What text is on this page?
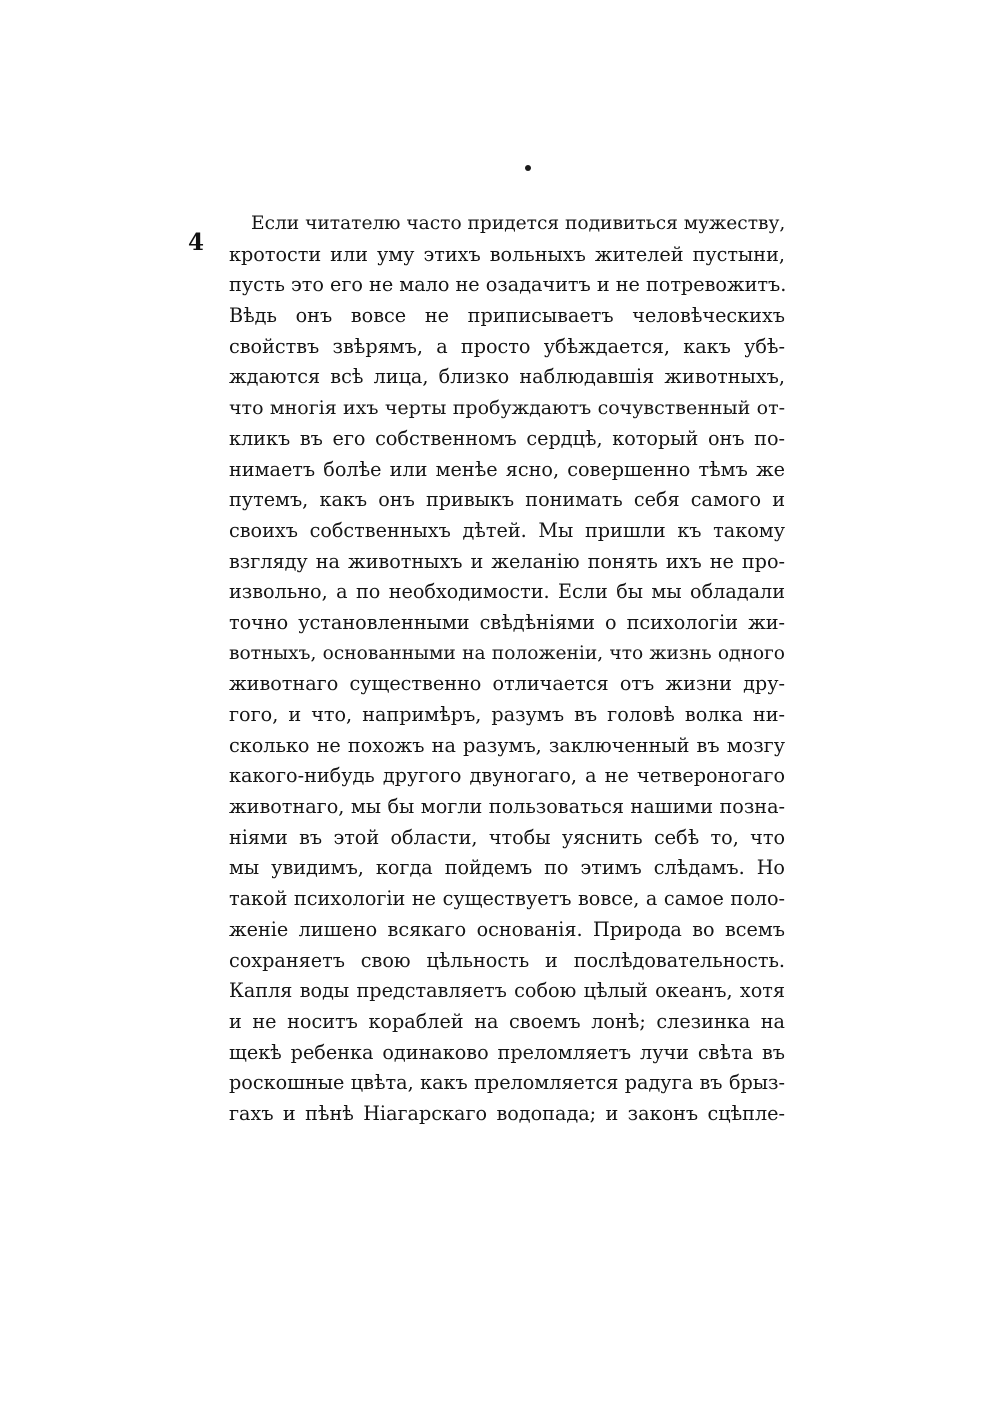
4
Если читателю часто придется подивиться мужеству,
кротости или уму этихъ вольныхъ жителей пустыни,
пусть это его не мало не озадачитъ и не потревожитъ.
Вѣдь онъ вовсе не приписываетъ человѣческихъ
свойствъ звѣрямъ, а просто убѣждается, какъ убѣ-
ждаются всѣ лица, близко наблюдавшія животныхъ,
что многія ихъ черты пробуждаютъ сочувственный от-
кликъ въ его собственномъ сердцѣ, который онъ по-
нимаетъ болѣе или менѣе ясно, совершенно тѣмъ же
путемъ, какъ онъ привыкъ понимать себя самого и
своихъ собственныхъ дѣтей. Мы пришли къ такому
взгляду на животныхъ и желанію понять ихъ не про-
извольно, а по необходимости. Если бы мы обладали
точно установленными свѣдѣніями о психологіи жи-
вотныхъ, основанными на положеніи, что жизнь одного
животнаго существенно отличается отъ жизни дру-
гого, и что, напримѣръ, разумъ въ головѣ волка ни-
сколько не похожъ на разумъ, заключенный въ мозгу
какого-нибудь другого двуногаго, а не четвероногаго
животнаго, мы бы могли пользоваться нашими позна-
ніями въ этой области, чтобы уяснить себѣ то, что
мы увидимъ, когда пойдемъ по этимъ слѣдамъ. Но
такой психологіи не существуетъ вовсе, а самое поло-
женіе лишено всякаго основанія. Природа во всемъ
сохраняетъ свою цѣльность и послѣдовательность.
Капля воды представляетъ собою цѣлый океанъ, хотя
и не носитъ кораблей на своемъ лонѣ; слезинка на
щекѣ ребенка одинаково преломляетъ лучи свѣта въ
роскошные цвѣта, какъ преломляется радуга въ брыз-
гахъ и пѣнѣ Ніагарскаго водопада; и законъ сцѣпле-
